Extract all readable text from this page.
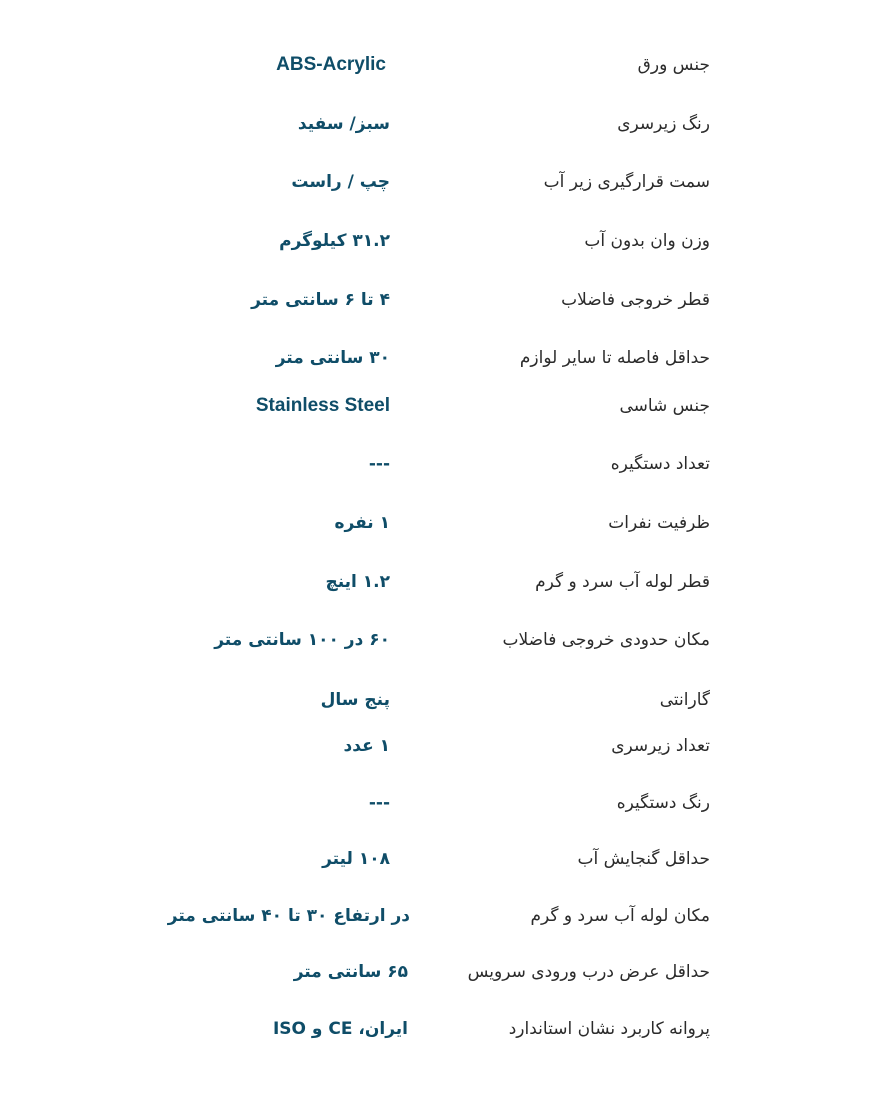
جنس ورق
ABS-Acrylic
رنگ زیرسری
سبز/ سفید
سمت قرارگیری زیر آب
چپ / راست
وزن وان بدون آب
۳۱.۲ کیلوگرم
قطر خروجی فاضلاب
۴ تا ۶ سانتی متر
حداقل فاصله تا سایر لوازم
۳۰ سانتی متر
جنس شاسی
Stainless Steel
تعداد دستگیره
---
ظرفیت نفرات
۱ نفره
قطر لوله آب سرد و گرم
۱.۲ اینچ
مکان حدودی خروجی فاضلاب
۶۰ در ۱۰۰ سانتی متر
گارانتی
پنج سال
تعداد زیرسری
۱ عدد
رنگ دستگیره
---
حداقل گنجایش آب
۱۰۸ لیتر
مکان لوله آب سرد و گرم
در ارتفاع ۳۰ تا ۴۰ سانتی متر
حداقل عرض درب ورودی سرویس
۶۵ سانتی متر
پروانه کاربرد نشان استاندارد
ایران، CE و ISO
